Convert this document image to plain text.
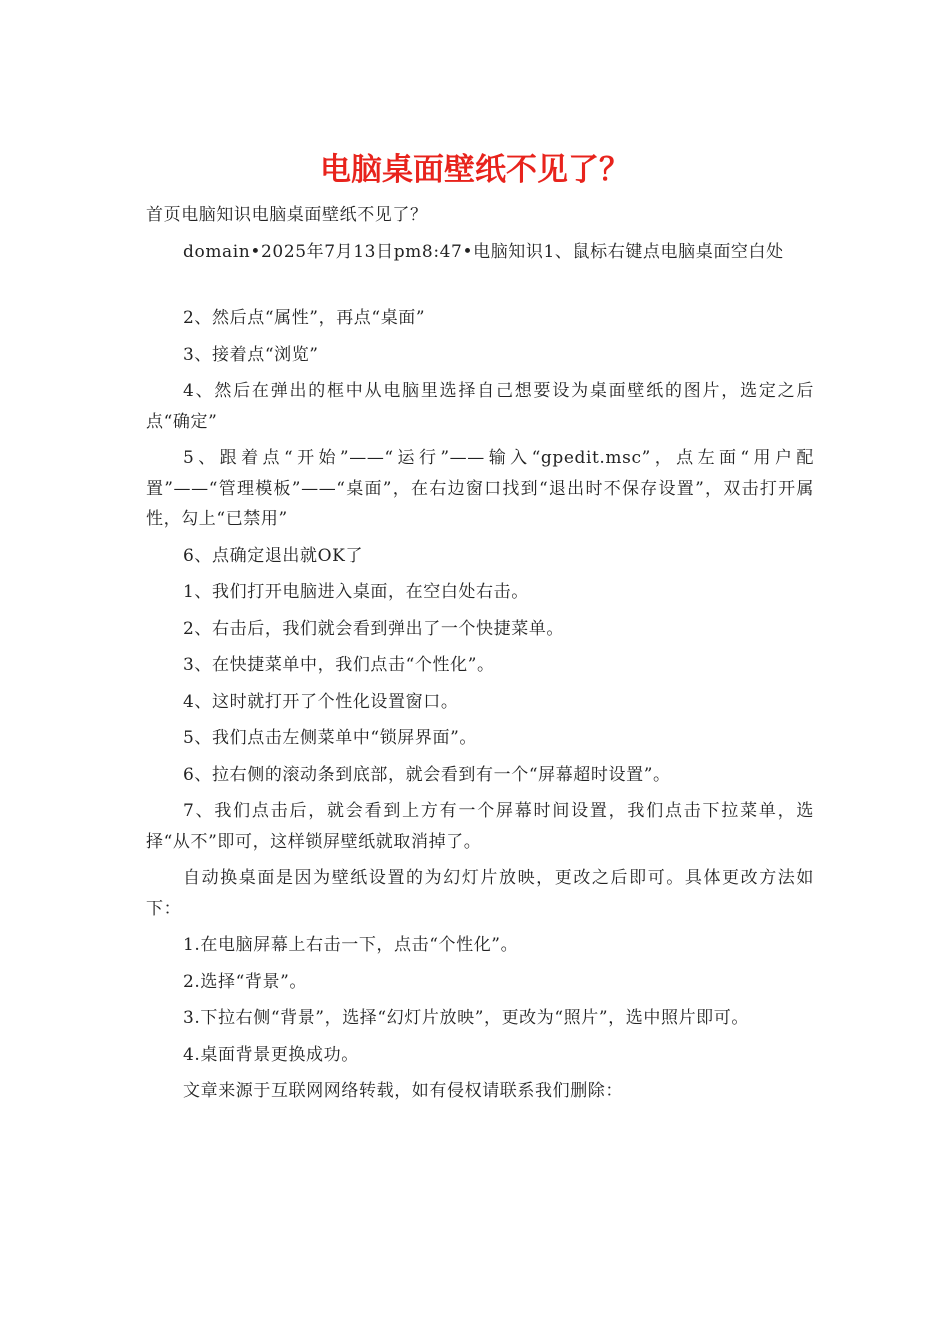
电脑桌面壁纸不见了？

首页电脑知识电脑桌面壁纸不见了？

domain•2025年7月13日pm8:47•电脑知识1、鼠标右键点电脑桌面空白处

2、然后点“属性”，再点“桌面”

3、接着点“浏览”

4、然后在弹出的框中从电脑里选择自己想要设为桌面壁纸的图片，选定之后点“确定”

5、跟着点“开始”——“运行”——输入“gpedit.msc”，点左面“用户配置”——“管理模板”——“桌面”，在右边窗口找到“退出时不保存设置”，双击打开属性，勾上“已禁用”

6、点确定退出就OK了

1、我们打开电脑进入桌面，在空白处右击。

2、右击后，我们就会看到弹出了一个快捷菜单。

3、在快捷菜单中，我们点击“个性化”。

4、这时就打开了个性化设置窗口。

5、我们点击左侧菜单中“锁屏界面”。

6、拉右侧的滚动条到底部，就会看到有一个“屏幕超时设置”。

7、我们点击后，就会看到上方有一个屏幕时间设置，我们点击下拉菜单，选择“从不”即可，这样锁屏壁纸就取消掉了。

自动换桌面是因为壁纸设置的为幻灯片放映，更改之后即可。具体更改方法如下：

1.在电脑屏幕上右击一下，点击“个性化”。

2.选择“背景”。

3.下拉右侧“背景”，选择“幻灯片放映”，更改为“照片”，选中照片即可。

4.桌面背景更换成功。

文章来源于互联网网络转载，如有侵权请联系我们删除：
